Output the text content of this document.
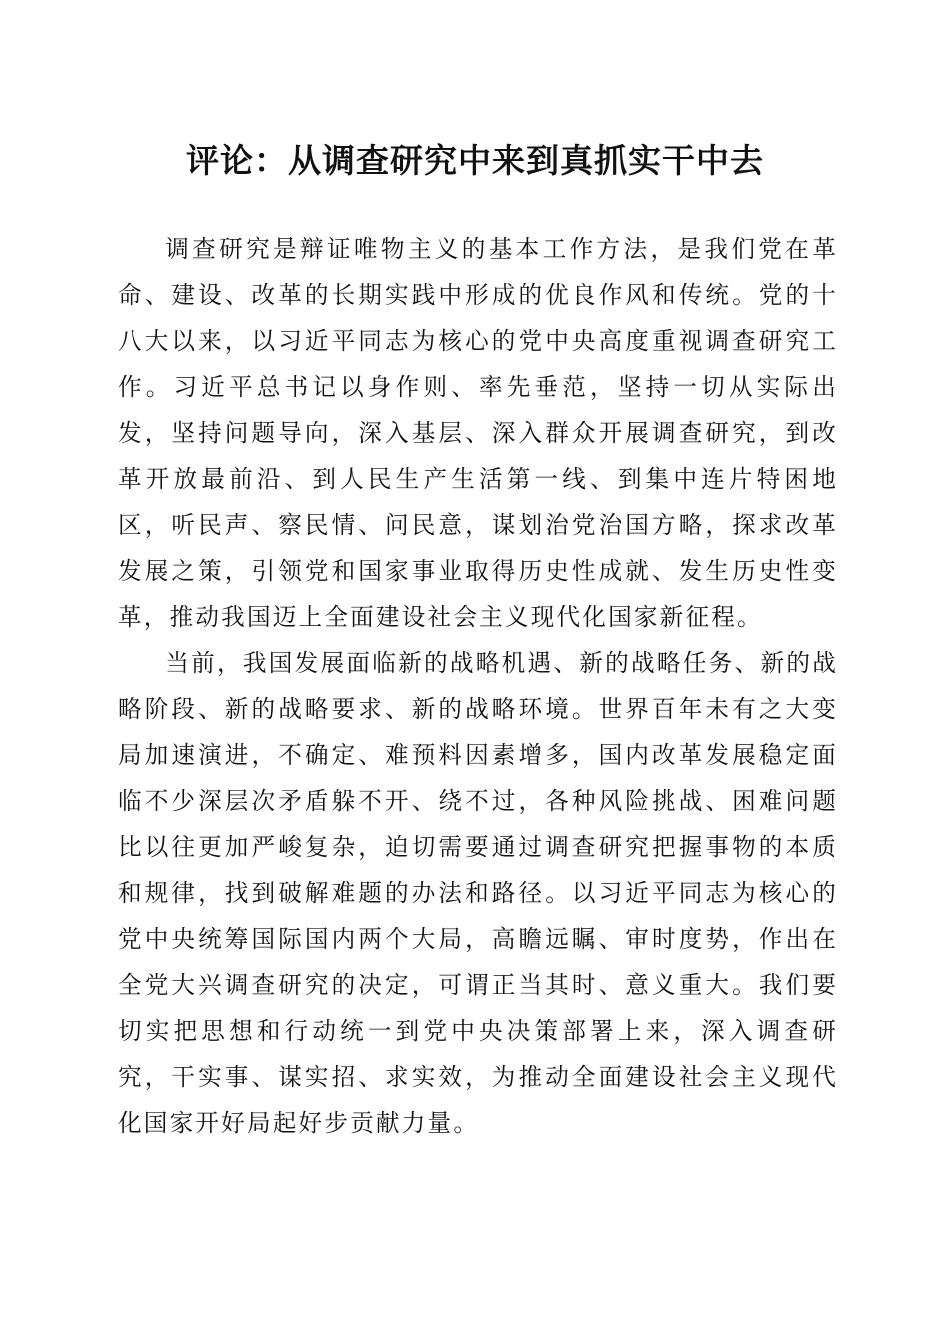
评论：从调查研究中来到真抓实干中去

调查研究是辩证唯物主义的基本工作方法，是我们党在革命、建设、改革的长期实践中形成的优良作风和传统。党的十八大以来，以习近平同志为核心的党中央高度重视调查研究工作。习近平总书记以身作则、率先垂范，坚持一切从实际出发，坚持问题导向，深入基层、深入群众开展调查研究，到改革开放最前沿、到人民生产生活第一线、到集中连片特困地区，听民声、察民情、问民意，谋划治党治国方略，探求改革发展之策，引领党和国家事业取得历史性成就、发生历史性变革，推动我国迈上全面建设社会主义现代化国家新征程。

当前，我国发展面临新的战略机遇、新的战略任务、新的战略阶段、新的战略要求、新的战略环境。世界百年未有之大变局加速演进，不确定、难预料因素增多，国内改革发展稳定面临不少深层次矛盾躲不开、绕不过，各种风险挑战、困难问题比以往更加严峻复杂，迫切需要通过调查研究把握事物的本质和规律，找到破解难题的办法和路径。以习近平同志为核心的党中央统筹国际国内两个大局，高瞻远瞩、审时度势，作出在全党大兴调查研究的决定，可谓正当其时、意义重大。我们要切实把思想和行动统一到党中央决策部署上来，深入调查研究，干实事、谋实招、求实效，为推动全面建设社会主义现代化国家开好局起好步贡献力量。
